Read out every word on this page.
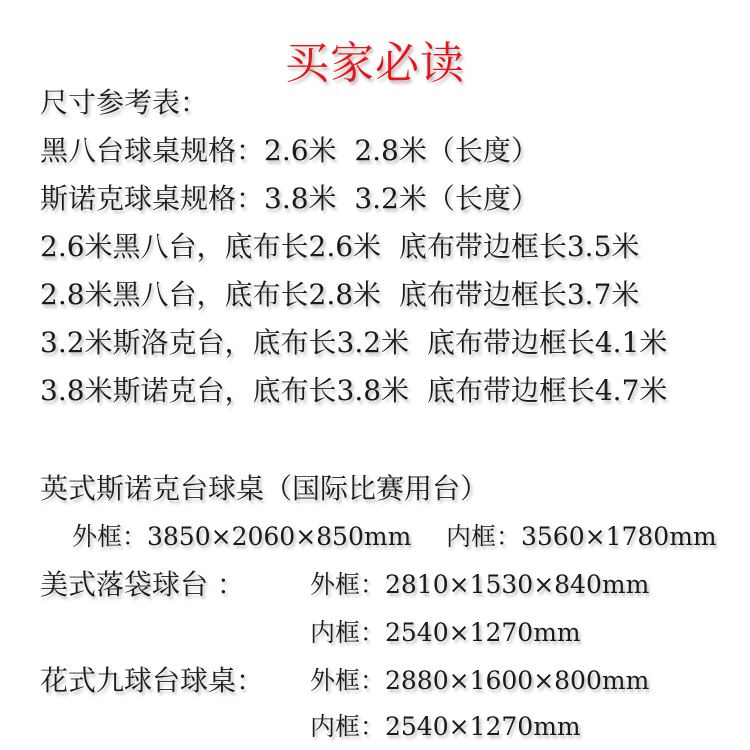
买家必读
尺寸参考表：
黑八台球桌规格：2.6米  2.8米（长度）
斯诺克球桌规格：3.8米  3.2米（长度）
2.6米黑八台，底布长2.6米  底布带边框长3.5米
2.8米黑八台，底布长2.8米  底布带边框长3.7米
3.2米斯洛克台，底布长3.2米  底布带边框长4.1米
3.8米斯诺克台，底布长3.8米  底布带边框长4.7米
英式斯诺克台球桌（国际比赛用台）

外框：3850×2060×850mm

内框：3560×1780mm

美式落袋球台 ：	外框：2810×1530×840mm
内框：2540×1270mm
花式九球台球桌： 外框：2880×1600×800mm
内框：2540×1270mm
